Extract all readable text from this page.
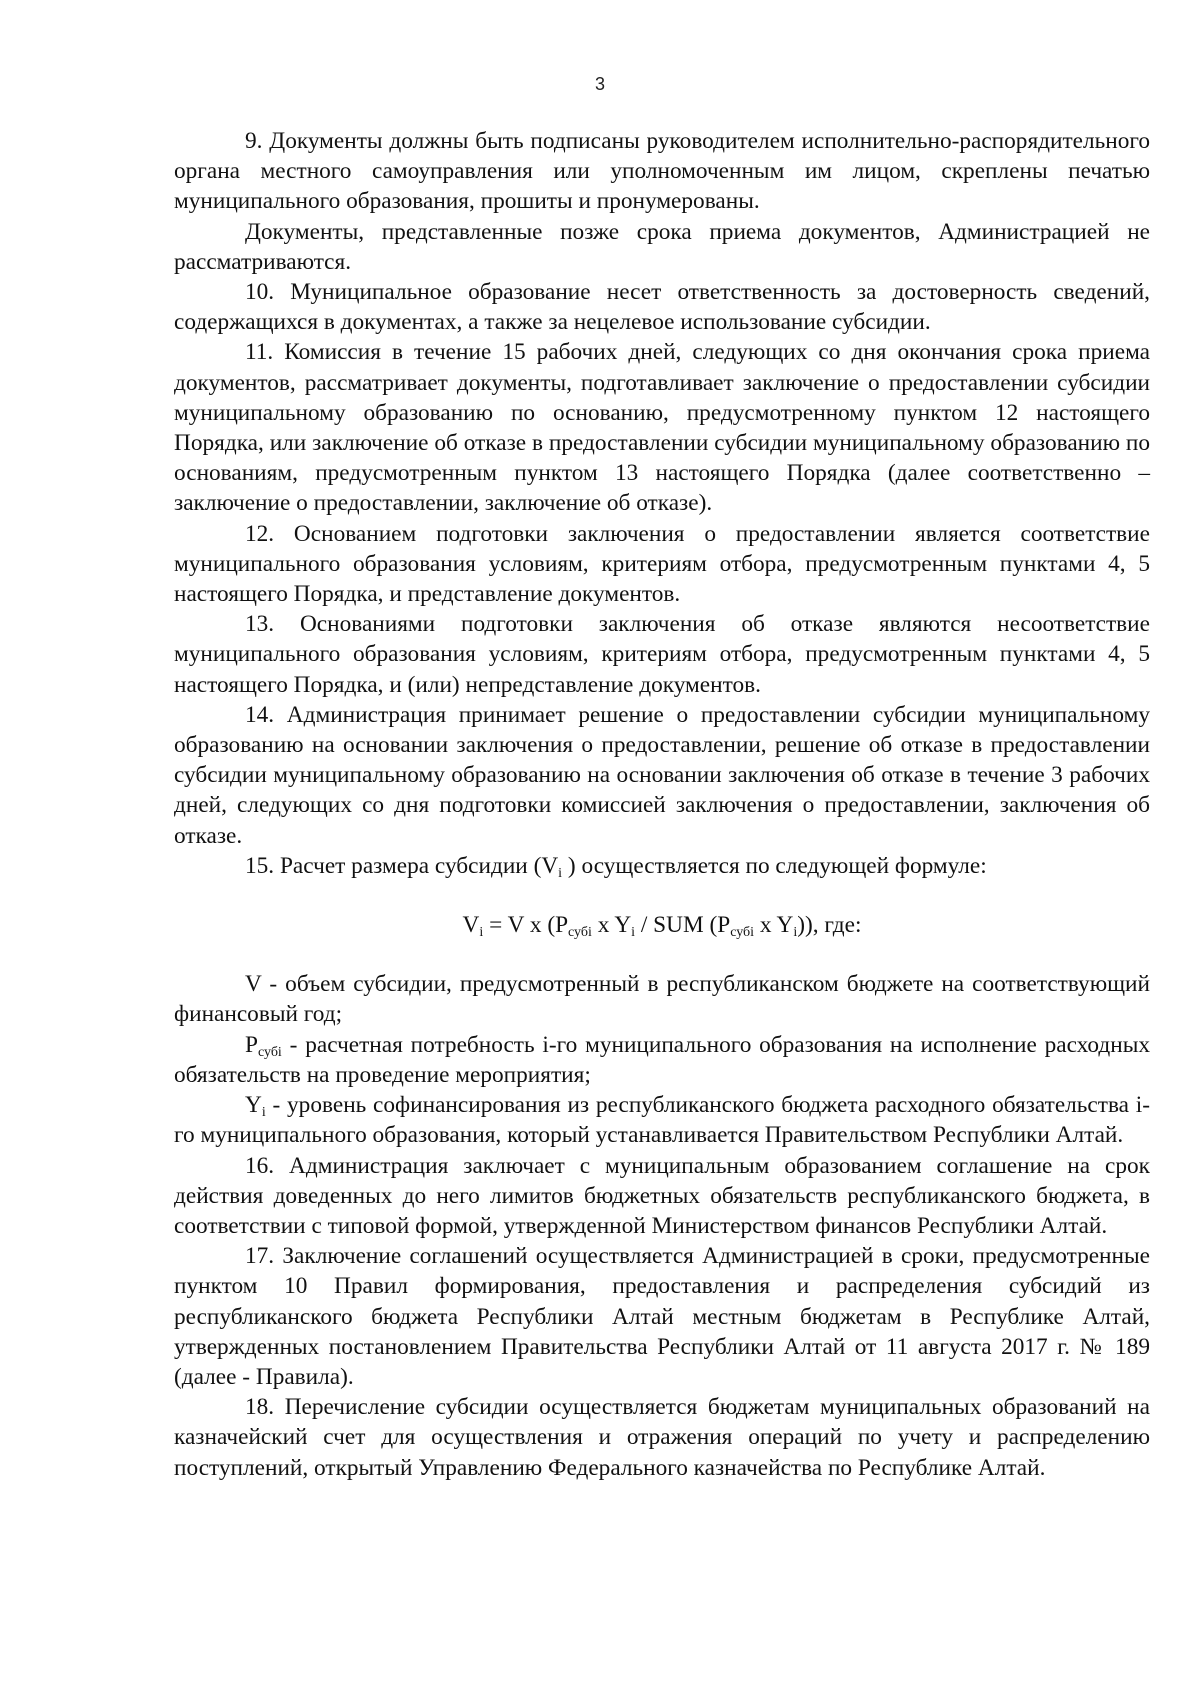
3

9. Документы должны быть подписаны руководителем исполнительно-распорядительного органа местного самоуправления или уполномоченным им лицом, скреплены печатью муниципального образования, прошиты и пронумерованы.

Документы, представленные позже срока приема документов, Администрацией не рассматриваются.

10. Муниципальное образование несет ответственность за достоверность сведений, содержащихся в документах, а также за нецелевое использование субсидии.

11. Комиссия в течение 15 рабочих дней, следующих со дня окончания срока приема документов, рассматривает документы, подготавливает заключение о предоставлении субсидии муниципальному образованию по основанию, предусмотренному пунктом 12 настоящего Порядка, или заключение об отказе в предоставлении субсидии муниципальному образованию по основаниям, предусмотренным пунктом 13 настоящего Порядка (далее соответственно – заключение о предоставлении, заключение об отказе).

12. Основанием подготовки заключения о предоставлении является соответствие муниципального образования условиям, критериям отбора, предусмотренным пунктами 4, 5 настоящего Порядка, и представление документов.

13. Основаниями подготовки заключения об отказе являются несоответствие муниципального образования условиям, критериям отбора, предусмотренным пунктами 4, 5 настоящего Порядка, и (или) непредставление документов.

14. Администрация принимает решение о предоставлении субсидии муниципальному образованию на основании заключения о предоставлении, решение об отказе в предоставлении субсидии муниципальному образованию на основании заключения об отказе в течение 3 рабочих дней, следующих со дня подготовки комиссией заключения о предоставлении, заключения об отказе.

15. Расчет размера субсидии ($V_i$ ) осуществляется по следующей формуле:

$V_i = V$ x ($P_{субi}$ x $Y_i$ / SUM ($P_{субi}$ x $Y_i$)), где:

V - объем субсидии, предусмотренный в республиканском бюджете на соответствующий финансовый год;

$P_{субi}$ - расчетная потребность i-го муниципального образования на исполнение расходных обязательств на проведение мероприятия;

$Y_i$ - уровень софинансирования из республиканского бюджета расходного обязательства i-го муниципального образования, который устанавливается Правительством Республики Алтай.

16. Администрация заключает с муниципальным образованием соглашение на срок действия доведенных до него лимитов бюджетных обязательств республиканского бюджета, в соответствии с типовой формой, утвержденной Министерством финансов Республики Алтай.

17. Заключение соглашений осуществляется Администрацией в сроки, предусмотренные пунктом 10 Правил формирования, предоставления и распределения субсидий из республиканского бюджета Республики Алтай местным бюджетам в Республике Алтай, утвержденных постановлением Правительства Республики Алтай от 11 августа 2017 г. № 189 (далее - Правила).

18. Перечисление субсидии осуществляется бюджетам муниципальных образований на казначейский счет для осуществления и отражения операций по учету и распределению поступлений, открытый Управлению Федерального казначейства по Республике Алтай.
